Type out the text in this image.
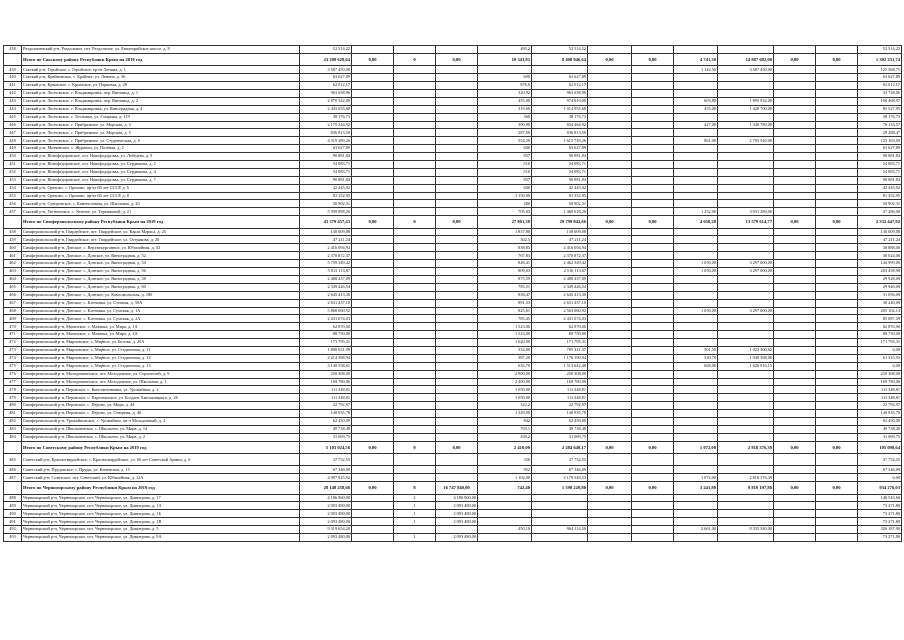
438	Раздольненский р-н, Раздольное, пгт. Раздольное, ул. Евпаторийское шоссе, д. 8	52 514,22				495,2	52 514,22							52 514,22
	Итого по Сакскому району Республики Крым на 2019 год	23 288 628,64	0,00	0	0,00	10 343,83	8 400 946,64	0,00	0,00	4 741,30	14 887 682,00	0,00	0,00	1 302 231,74
439	Сакский р-н, Геройское, с. Геройское, ер-нт Ленина, д. 1	3 587 450,00								1 142,50	3 587 450,00			125 568,75
440	Сакский р-н, Крайненское, с. Крайнее, ул. Ленина, д. 36	63 627,89				600	63 627,89							63 627,89
441	Сакский р-н, Крымское, с. Крымское, ул. Парковая, д. 28	62 012,17				876,6	62 012,17							62 012,17
442	Сакский р-н, Лесновское, с. Владимировка, пер. Винзавод, д. 1	963 658,96				320,92	963 658,96							33 728,06
443	Сакский р-н, Лесновское, с. Владимировка, пер. Винзавод, д. 2	2 870 542,00				455,00	974 610,00			603,80	1 895 932,00			100 468,97
444	Сакский р-н, Лесновское, с. Владимировка, ул. Виноградная, д. 4	2 443 655,68				319,66	1 014 955,68			455,00	1 428 700,00			85 527,95
445	Сакский р-н, Лесновское, с. Лесновка, ул. Гагарина, д. 119	38 176,73				360	38 176,73							38 176,73
446	Сакский р-н, Лесновское, с. Прибрежное, ул. Морская, д. 3	2 175 244,92				300,90	834 464,92			427,00	1 340 780,00			76 133,57
447	Сакский р-н, Лесновское, с. Прибрежное, ул. Морская, д. 5	836 813,50				287,50	836 813,50							29 288,47
448	Сакский р-н, Лесновское, с. Прибрежное, ул. Студенческая, д. 6	4 319 289,26				554,20	1 615 749,26			861,00	2 703 540,00			123 163,90
449	Сакский р-н, Митяевское, с. Журавли, ул. Полевая, д. 2	63 627,89				600	63 627,89							63 627,89
450	Сакский р-н, Новофедоровское, пгт. Новофедоровка, ул. Лебедева, д. 9	90 881,84				857	90 881,84							90 881,84
451	Сакский р-н, Новофедоровское, пгт. Новофедоровка, ул. Сердюкова, д. 2	54 083,71				510	54 083,71							54 083,71
452	Сакский р-н, Новофедоровское, пгт. Новофедоровка, ул. Сердюкова, д. 4	54 083,71				510	54 083,71							54 083,71
453	Сакский р-н, Новофедоровское, пгт. Новофедоровка, ул. Сердюкова, д. 7	90 881,84				857	90 881,84							90 881,84
454	Сакский р-н, Орехово, с. Орехово, пр-кт 60 лет СССР, д. 5	42 445,02				600	42 445,02							42 445,02
455	Сакский р-н, Орехово, с. Орехово, пр-кт 60 лет СССР, д. 8	81 352,95				1 150,00	81 352,95							81 352,95
456	Сакский р-н, Суворовское, с. Каменоломня, ул. Школьная, д. 20	50 902,31				480	50 902,31							50 902,31
457	Сакский р-н, Уютненское, с. Уютное, ул. Терешковой, д. 21	5 399 898,26				705,05	1 468 618,26			1 252,00	3 931 280,00			37 286,00
	Итого по Симферопольскому району Республики Крым на 2019 год	43 379 457,43	0,00	0	0,00	27 861,38	29 799 842,66	0,00	0,00	4 650,20	13 579 614,77	0,00	0,00	2 332 447,92
458	Симферопольский р-н, Гвардейское, пгт. Гвардейское, ул. Карла Маркса, д. 25	130 009,08				1 837,80	130 009,08							130 009,08
459	Симферопольский р-н, Гвардейское, пгт. Гвардейское, ул. Острякова, д. 20	47 211,24				302,5	47 211,24							47 211,24
460	Симферопольский р-н, Донское, с. Верхнекурганное, ул. Юбилейная, д. 33	2 416 094,94				838,85	2 416 094,94							30 888,00
461	Симферопольский р-н, Донское, с. Донское, ул. Виноградная, д. 52	2 370 872,37				767,83	2 370 872,37							30 024,00
462	Симферопольский р-н, Донское, с. Донское, ул. Виноградная, д. 54	5 759 349,42				846,41	2 462 349,42			1 050,00	3 297 000,00			144 999,00
463	Симферопольский р-н, Донское, с. Донское, ул. Виноградная, д. 56	5 813 113,67				809,03	2 516 113,67			1 050,00	3 297 000,00			203 458,98
464	Симферопольский р-н, Донское, с. Донское, ул. Виноградная, д. 58	2 488 437,09				875,59	2 488 437,09							29 928,00
465	Симферопольский р-н, Донское, с. Донское, ул. Виноградная, д. 60	2 349 426,54				785,51	2 349 426,54							29 940,00
466	Симферопольский р-н, Донское, с. Донское, ул. Комсомольская, д. 180	2 645 413,30				838,47	2 645 413,30							31 056,00
467	Симферопольский р-н, Донское, с. Кленовка, ул. Степная, д. 50А	2 631 437,10				891,53	2 631 437,10							30 240,00
468	Симферопольский р-н, Донское, с. Кленовка, ул. Сумская, д. 1А	5 860 060,92				825,61	2 563 060,92			1 050,00	3 297 000,00			205 102,13
469	Симферопольский р-н, Донское, с. Кленовка, ул. Сумская, д. 2А	2 431 074,03				785,45	2 431 074,03							85 087,59
470	Симферопольский р-н, Мазанское, с. Мазанка, ул. Мира, д. 1А	62 870,00				1 523,00	62 870,00							62 870,00
471	Симферопольский р-н, Мазанское, с. Мазанка, ул. Мира, д. 2А	88 750,00				1 523,00	88 750,00							88 750,00
472	Симферопольский р-н, Мирновское, с. Мирное, ул. Белова, д. 20А	171 795,31				1 620,00	171 795,31							171 795,31
473	Симферопольский р-н, Мирновское, с. Мирное, ул. Стадионная, д. 11	1 808 621,99				332,00	785 321,37			501,50	1 023 300,62			0,00
474	Симферопольский р-н, Мирновское, с. Мирное, ул. Стадионная, д. 12	2 214 588,94				387,20	1 176 190,94			330,70	1 038 398,00			61 315,93
475	Симферопольский р-н, Мирновское, с. Мирное, ул. Стадионная, д. 13	3 140 558,61				635,70	1 513 642,48			668,00	1 626 916,15			0,00
476	Симферопольский р-н, Молодежненское, пгт. Молодежное, ул. Строителей, д. 9	250 308,00				2 900,00	250 308,00							250 308,00
477	Симферопольский р-н, Молодежненское, пгт. Молодежное, ул. Школьная, д. 1	169 780,06				2 400,00	169 780,06							169 780,06
478	Симферопольский р-н, Перовское, с. Константиновка, ул. Урожайная, д. 2	111 348,81				1 050,00	111 348,81							111 348,81
479	Симферопольский р-н, Перовское, с. Партизанское, ул. Богдана Хмельницкого, д. 26	111 348,81				1 050,00	111 348,81							111 348,81
480	Симферопольский р-н, Перовское, с. Перово, ул. Мира, д. 44	22 792,97				322,2	22 792,97							22 792,97
481	Симферопольский р-н, Перовское, с. Перово, ул. Северная, д. 46	140 935,78				1 329,00	140 935,78							140 935,78
482	Симферопольский р-н, Урожайновское, с. Урожайное, кв-л Молодежный, д. 4	62 450,00				842	62 450,00							62 450,00
483	Симферопольский р-н, Школьненское, с. Школьное, ул. Мира, д. 14	49 738,48				703,1	49 738,48							49 738,48
484	Симферопольский р-н, Школьненское, с. Школьное, ул. Мира, д. 2	31 069,75				439,2	31 069,75							31 069,75
	Итого по Советскому району Республики Крым на 2019 год	5 103 024,56	0,00	0	0,00	2 410,00	2 284 648,17	0,00	0,00	1 072,00	2 818 376,39	0,00	0,00	105 098,64
485	Советский р-н, Красногвардейское, с. Красногвардейское, ул. 60 лет Советской Армии, д. 6	37 752,55				356	37 752,55							37 752,55
486	Советский р-н, Прудовское, с. Пруды, ул. Киченская, д. 15	67 346,09				952	67 346,09							67 346,09
487	Советский р-н, Советское, пгт. Советский, ул. Юбилейная, д. 12А	4 997 925,92				1 102,00	2 179 549,53			1 072,00	2 818 376,39			0,00
	Итого по Черноморскому району Республики Крым на 2019 год	28 148 258,66	0,00	8	16 747 840,00	742,40	1 590 220,80	0,00	0,00	3 241,80	9 810 197,86	0,00	0,00	934 276,03
488	Черноморский р-н, Черноморское, пгт. Черноморское, ул. Димитрова, д. 17	4 186 960,00		2	4 186 960,00									146 543,60
489	Черноморский р-н, Черноморское, пгт. Черноморское, ул. Димитрова, д. 1А	2 093 480,00		1	2 093 480,00									73 271,80
490	Черноморский р-н, Черноморское, пгт. Черноморское, ул. Димитрова, д. 1Б	2 093 480,00		1	2 093 480,00									73 271,80
491	Черноморский р-н, Черноморское, пгт. Черноморское, ул. Димитрова, д. 1В	2 093 480,00		1	2 093 480,00									73 271,80
492	Черноморский р-н, Черноморское, пгт. Черноморское, ул. Димитрова, д. 5	9 319 654,20				450,10	964 114,20			2 661,00	8 355 540,00			326 187,90
493	Черноморский р-н, Черноморское, пгт. Черноморское, ул. Димитрова, д. 9А	2 093 480,00		1	2 093 480,00									73 271,80
